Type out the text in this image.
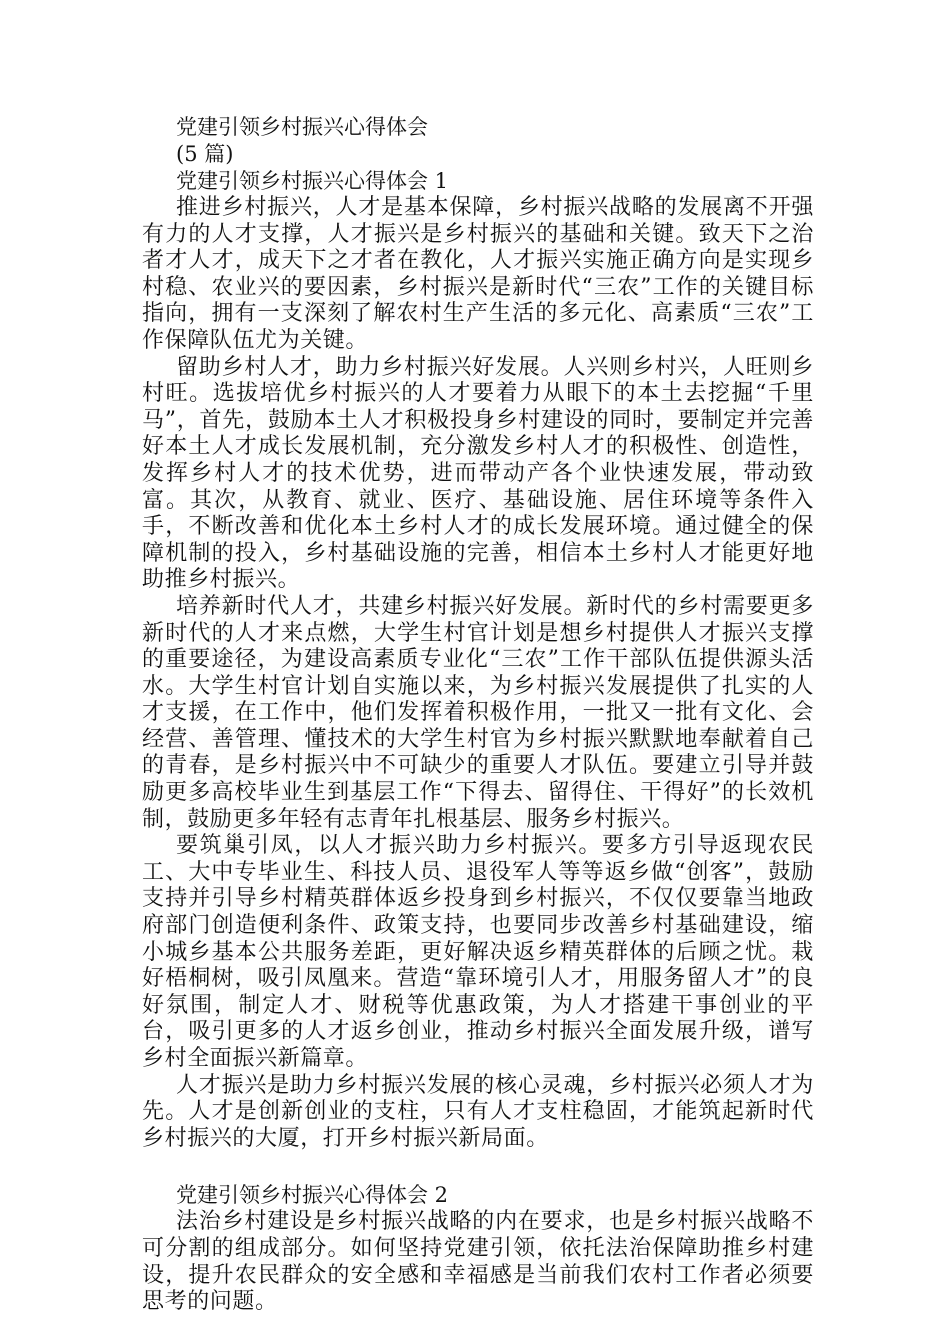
党建引领乡村振兴心得体会

(5 篇)

党建引领乡村振兴心得体会 1

推进乡村振兴，人才是基本保障，乡村振兴战略的发展离不开强有力的人才支撑，人才振兴是乡村振兴的基础和关键。致天下之治者才人才，成天下之才者在教化，人才振兴实施正确方向是实现乡村稳、农业兴的要因素，乡村振兴是新时代“三农”工作的关键目标指向，拥有一支深刻了解农村生产生活的多元化、高素质“三农”工作保障队伍尤为关键。

留助乡村人才，助力乡村振兴好发展。人兴则乡村兴，人旺则乡村旺。选拔培优乡村振兴的人才要着力从眼下的本土去挖掘“千里马”，首先，鼓励本土人才积极投身乡村建设的同时，要制定并完善好本土人才成长发展机制，充分激发乡村人才的积极性、创造性，发挥乡村人才的技术优势，进而带动产各个业快速发展，带动致富。其次，从教育、就业、医疗、基础设施、居住环境等条件入手，不断改善和优化本土乡村人才的成长发展环境。通过健全的保障机制的投入，乡村基础设施的完善，相信本土乡村人才能更好地助推乡村振兴。

培养新时代人才，共建乡村振兴好发展。新时代的乡村需要更多新时代的人才来点燃，大学生村官计划是想乡村提供人才振兴支撑的重要途径，为建设高素质专业化“三农”工作干部队伍提供源头活水。大学生村官计划自实施以来，为乡村振兴发展提供了扎实的人才支援，在工作中，他们发挥着积极作用，一批又一批有文化、会经营、善管理、懂技术的大学生村官为乡村振兴默默地奉献着自己的青春，是乡村振兴中不可缺少的重要人才队伍。要建立引导并鼓励更多高校毕业生到基层工作“下得去、留得住、干得好”的长效机制，鼓励更多年轻有志青年扎根基层、服务乡村振兴。

要筑巢引凤，以人才振兴助力乡村振兴。要多方引导返现农民工、大中专毕业生、科技人员、退役军人等等返乡做“创客”，鼓励支持并引导乡村精英群体返乡投身到乡村振兴，不仅仅要靠当地政府部门创造便利条件、政策支持，也要同步改善乡村基础建设，缩小城乡基本公共服务差距，更好解决返乡精英群体的后顾之忧。栽好梧桐树，吸引凤凰来。营造“靠环境引人才，用服务留人才”的良好氛围，制定人才、财税等优惠政策，为人才搭建干事创业的平台，吸引更多的人才返乡创业，推动乡村振兴全面发展升级，谱写乡村全面振兴新篇章。

人才振兴是助力乡村振兴发展的核心灵魂，乡村振兴必须人才为先。人才是创新创业的支柱，只有人才支柱稳固，才能筑起新时代乡村振兴的大厦，打开乡村振兴新局面。

党建引领乡村振兴心得体会 2

法治乡村建设是乡村振兴战略的内在要求，也是乡村振兴战略不可分割的组成部分。如何坚持党建引领，依托法治保障助推乡村建设，提升农民群众的安全感和幸福感是当前我们农村工作者必须要思考的问题。
